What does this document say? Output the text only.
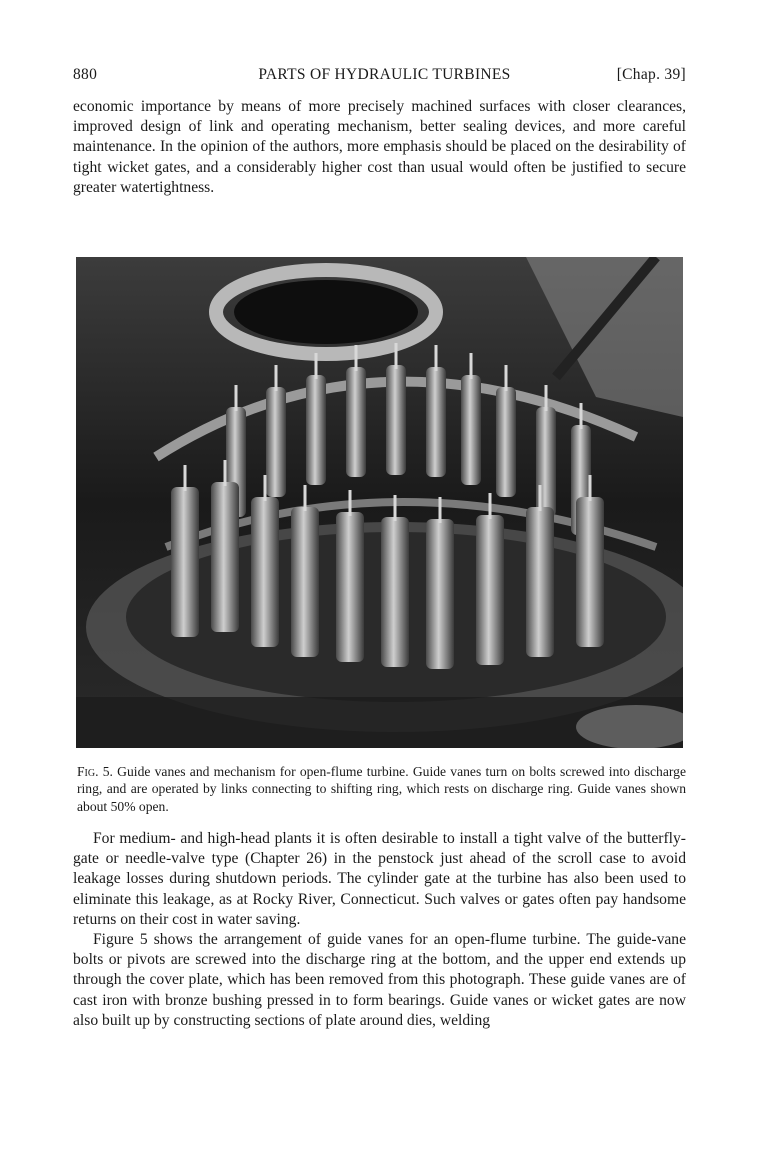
880	PARTS OF HYDRAULIC TURBINES	[Chap. 39]

economic importance by means of more precisely machined surfaces with closer clearances, improved design of link and operating mechanism, better sealing devices, and more careful maintenance. In the opinion of the authors, more emphasis should be placed on the desirability of tight wicket gates, and a considerably higher cost than usual would often be justified to secure greater watertightness.

Fig. 5. Guide vanes and mechanism for open-flume turbine. Guide vanes turn on bolts screwed into discharge ring, and are operated by links connecting to shifting ring, which rests on discharge ring. Guide vanes shown about 50% open.

For medium- and high-head plants it is often desirable to install a tight valve of the butterfly-gate or needle-valve type (Chapter 26) in the penstock just ahead of the scroll case to avoid leakage losses during shutdown periods. The cylinder gate at the turbine has also been used to eliminate this leakage, as at Rocky River, Connecticut. Such valves or gates often pay handsome returns on their cost in water saving.

Figure 5 shows the arrangement of guide vanes for an open-flume turbine. The guide-vane bolts or pivots are screwed into the discharge ring at the bottom, and the upper end extends up through the cover plate, which has been removed from this photograph. These guide vanes are of cast iron with bronze bushing pressed in to form bearings. Guide vanes or wicket gates are now also built up by constructing sections of plate around dies, welding
